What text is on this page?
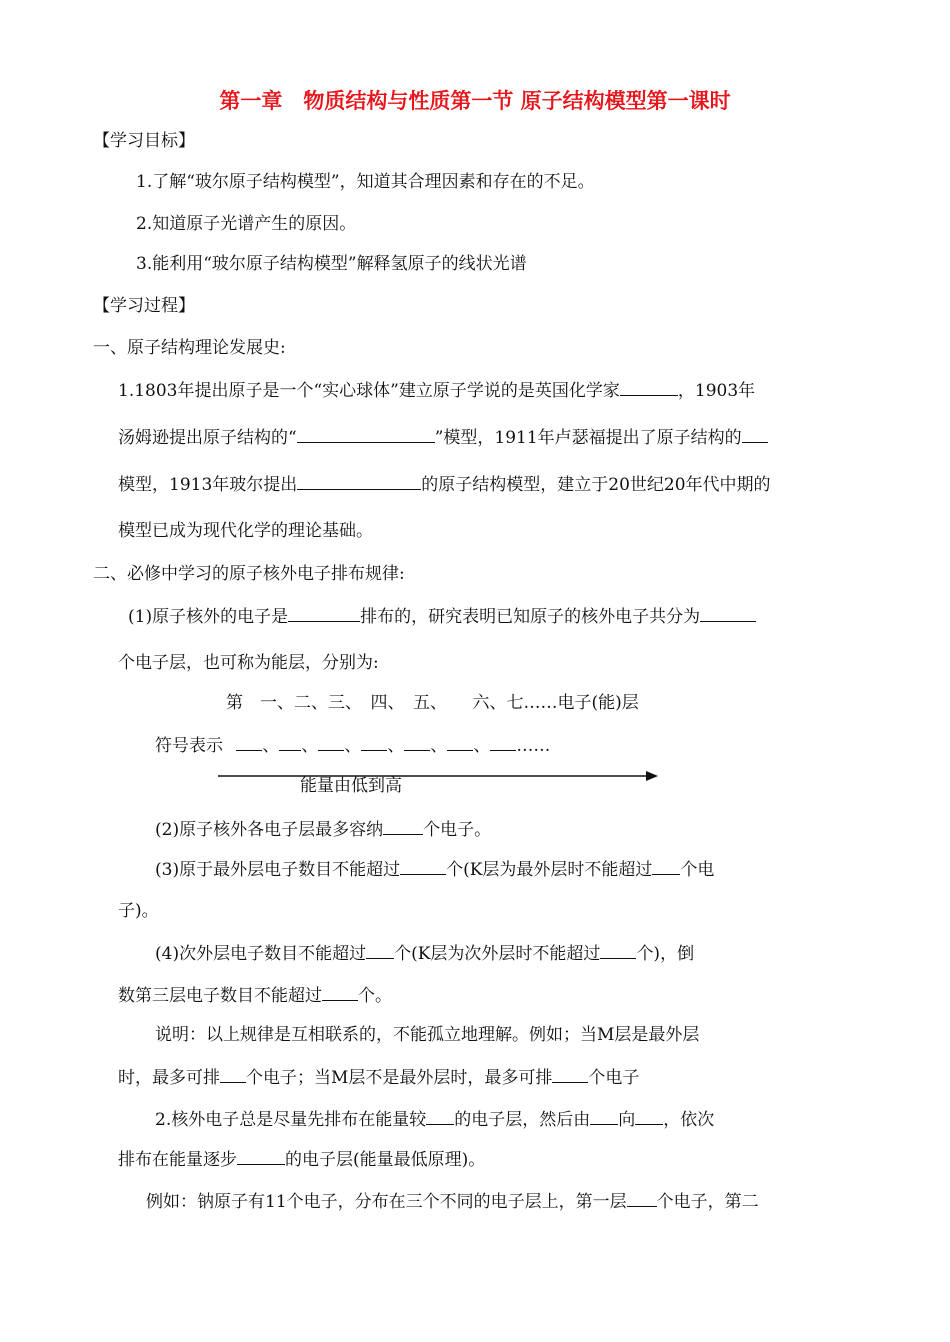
第一章　物质结构与性质第一节 原子结构模型第一课时
【学习目标】
1.了解“玻尔原子结构模型”，知道其合理因素和存在的不足。
2.知道原子光谱产生的原因。
3.能利用“玻尔原子结构模型”解释氢原子的线状光谱
【学习过程】
一、原子结构理论发展史:
1.1803年提出原子是一个“实心球体”建立原子学说的是英国化学家	，1903年
汤姆逊提出原子结构的“	”模型，1911年卢瑟福提出了原子结构的
模型，1913年玻尔提出	的原子结构模型，建立于20世纪20年代中期的
模型已成为现代化学的理论基础。
二、必修中学习的原子核外电子排布规律:
(1)原子核外的电子是	排布的，研究表明已知原子的核外电子共分为
个电子层，也可称为能层，分别为:
第　一、二、三、　四、　五、　　六、七……电子(能)层
符号表示 、 、 、 、 、 、 ……
能量由低到高
(2)原子核外各电子层最多容纳 个电子。
(3)原于最外层电子数目不能超过	个(K层为最外层时不能超过 个电
子)。
(4)次外层电子数目不能超过 个(K层为次外层时不能超过 个)，倒
数第三层电子数目不能超过 个。
说明：以上规律是互相联系的，不能孤立地理解。例如；当M层是最外层
时，最多可排 个电子；当M层不是最外层时，最多可排 个电子
2.核外电子总是尽量先排布在能量较 的电子层，然后由 向 ，依次
排布在能量逐步	的电子层(能量最低原理)。
例如：钠原子有11个电子，分布在三个不同的电子层上，第一层 个电子，第二
